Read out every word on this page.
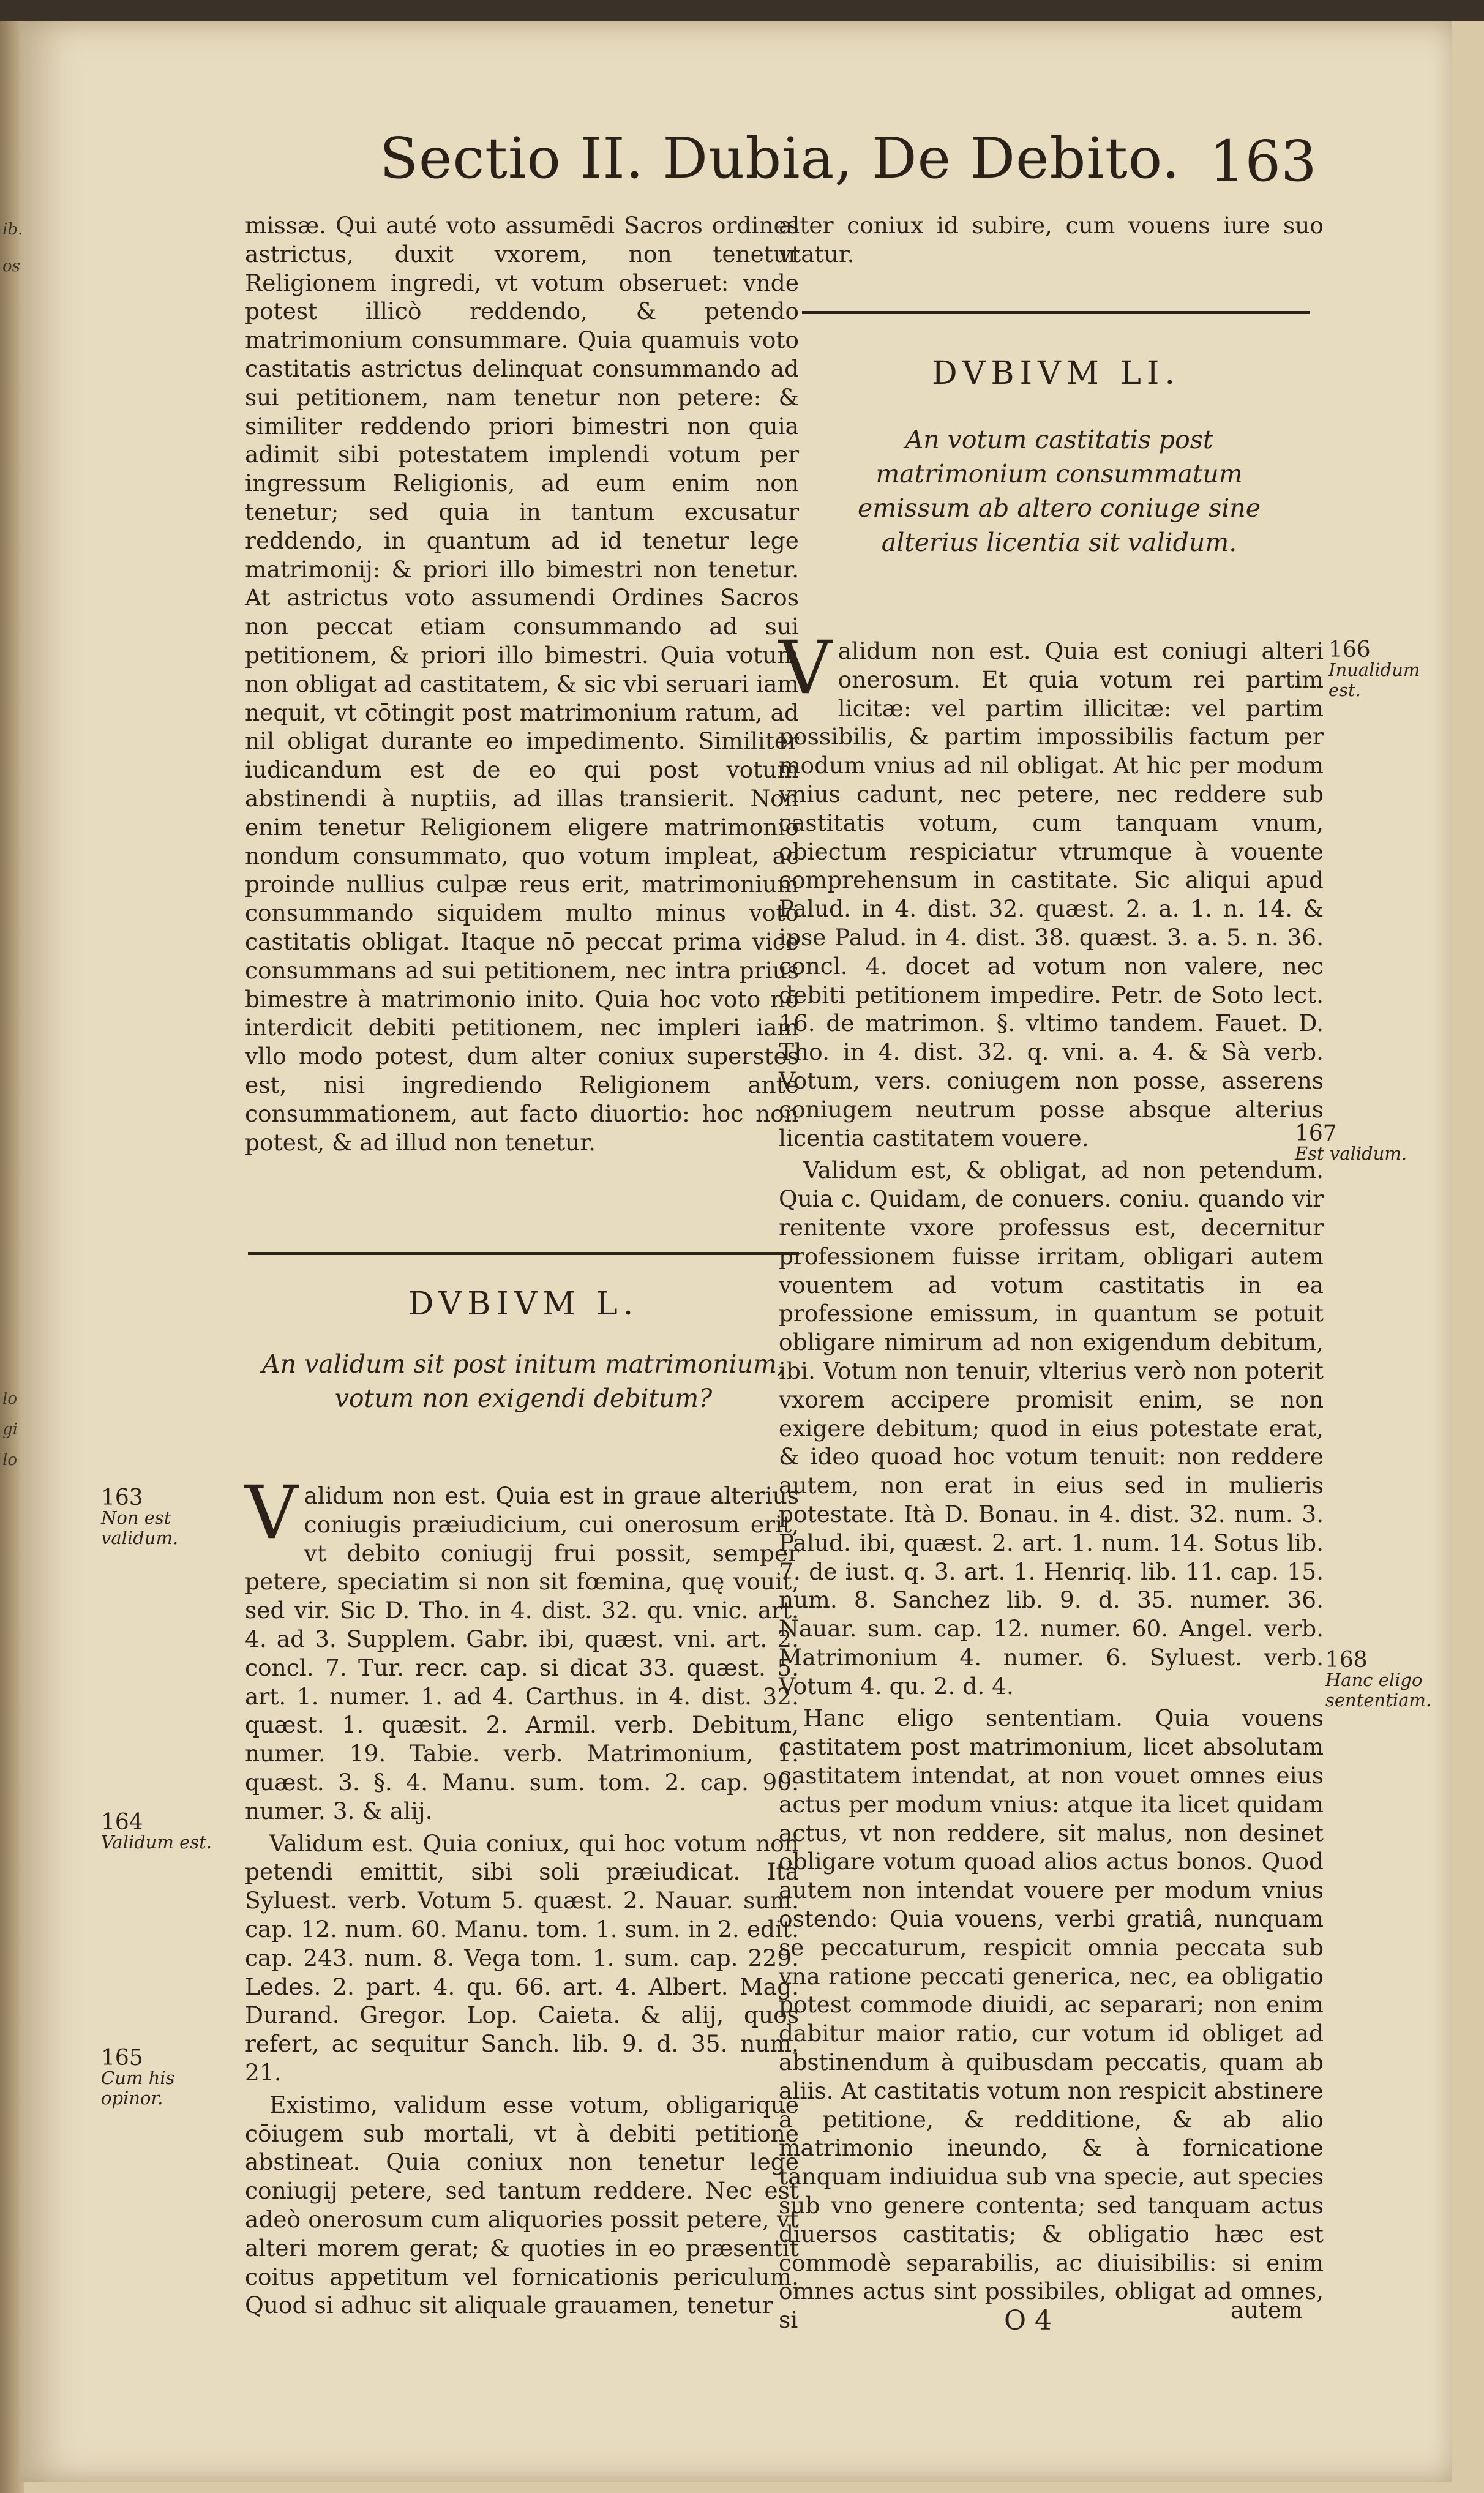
ib.
os
lo
gi
lo
Sectio II. Dubia, De Debito. 163

missæ. Qui auté voto assumēdi Sacros ordines astrictus, duxit vxorem, non tenetur Religionem ingredi, vt votum obseruet: vnde potest illicò reddendo, & petendo matrimonium consummare. Quia quamuis voto castitatis astrictus delinquat consummando ad sui petitionem, nam tenetur non petere: & similiter reddendo priori bimestri non quia adimit sibi potestatem implendi votum per ingressum Religionis, ad eum enim non tenetur; sed quia in tantum excusatur reddendo, in quantum ad id tenetur lege matrimonij: & priori illo bimestri non tenetur. At astrictus voto assumendi Ordines Sacros non peccat etiam consummando ad sui petitionem, & priori illo bimestri. Quia votum non obligat ad castitatem, & sic vbi seruari iam nequit, vt cōtingit post matrimonium ratum, ad nil obligat durante eo impedimento. Similiter iudicandum est de eo qui post votum abstinendi à nuptiis, ad illas transierit. Non enim tenetur Religionem eligere matrimonio nondum consummato, quo votum impleat, ac proinde nullius culpæ reus erit, matrimonium consummando siquidem multo minus voto castitatis obligat. Itaque nō peccat prima vice consummans ad sui petitionem, nec intra prius bimestre à matrimonio inito. Quia hoc voto nō interdicit debiti petitionem, nec impleri iam vllo modo potest, dum alter coniux superstes est, nisi ingrediendo Religionem ante consummationem, aut facto diuortio: hoc non potest, & ad illud non tenetur.

DVBIVM L.
An validum sit post initum matrimonium, votum non exigendi debitum?

Validum non est. Quia est in graue alterius coniugis præiudicium, cui onerosum erit, vt debito coniugij frui possit, semper petere, speciatim si non sit fœmina, quę vouit, sed vir. Sic D. Tho. in 4. dist. 32. qu. vnic. art. 4. ad 3. Supplem. Gabr. ibi, quæst. vni. art. 2. concl. 7. Tur. recr. cap. si dicat 33. quæst. 5. art. 1. numer. 1. ad 4. Carthus. in 4. dist. 32. quæst. 1. quæsit. 2. Armil. verb. Debitum, numer. 19. Tabie. verb. Matrimonium, 1. quæst. 3. §. 4. Manu. sum. tom. 2. cap. 90. numer. 3. & alij.

Validum est. Quia coniux, qui hoc votum non petendi emittit, sibi soli præiudicat. Ità Syluest. verb. Votum 5. quæst. 2. Nauar. sum. cap. 12. num. 60. Manu. tom. 1. sum. in 2. edit. cap. 243. num. 8. Vega tom. 1. sum. cap. 229. Ledes. 2. part. 4. qu. 66. art. 4. Albert. Mag. Durand. Gregor. Lop. Caieta. & alij, quos refert, ac sequitur Sanch. lib. 9. d. 35. num. 21.

Existimo, validum esse votum, obligarique cōiugem sub mortali, vt à debiti petitione abstineat. Quia coniux non tenetur lege coniugij petere, sed tantum reddere. Nec est adeò onerosum cum aliquories possit petere, vt alteri morem gerat; & quoties in eo præsentit coitus appetitum vel fornicationis periculum. Quod si adhuc sit aliquale grauamen, tenetur

163
Non est validum.
164
Validum est.
165
Cum his opinor.

alter coniux id subire, cum vouens iure suo vtatur.

DVBIVM LI.
An votum castitatis post matrimonium consummatum emissum ab altero coniuge sine alterius licentia sit validum.

Validum non est. Quia est coniugi alteri onerosum. Et quia votum rei partim licitæ: vel partim illicitæ: vel partim possibilis, & partim impossibilis factum per modum vnius ad nil obligat. At hic per modum vnius cadunt, nec petere, nec reddere sub castitatis votum, cum tanquam vnum, obiectum respiciatur vtrumque à vouente comprehensum in castitate. Sic aliqui apud Palud. in 4. dist. 32. quæst. 2. a. 1. n. 14. & ipse Palud. in 4. dist. 38. quæst. 3. a. 5. n. 36. concl. 4. docet ad votum non valere, nec debiti petitionem impedire. Petr. de Soto lect. 16. de matrimon. §. vltimo tandem. Fauet. D. Tho. in 4. dist. 32. q. vni. a. 4. & Sà verb. Votum, vers. coniugem non posse, asserens coniugem neutrum posse absque alterius licentia castitatem vouere.

Validum est, & obligat, ad non petendum. Quia c. Quidam, de conuers. coniu. quando vir renitente vxore professus est, decernitur professionem fuisse irritam, obligari autem vouentem ad votum castitatis in ea professione emissum, in quantum se potuit obligare nimirum ad non exigendum debitum, ibi. Votum non tenuir, vlterius verò non poterit vxorem accipere promisit enim, se non exigere debitum; quod in eius potestate erat, & ideo quoad hoc votum tenuit: non reddere autem, non erat in eius sed in mulieris potestate. Ità D. Bonau. in 4. dist. 32. num. 3. Palud. ibi, quæst. 2. art. 1. num. 14. Sotus lib. 7. de iust. q. 3. art. 1. Henriq. lib. 11. cap. 15. num. 8. Sanchez lib. 9. d. 35. numer. 36. Nauar. sum. cap. 12. numer. 60. Angel. verb. Matrimonium 4. numer. 6. Syluest. verb. Votum 4. qu. 2. d. 4.

Hanc eligo sententiam. Quia vouens castitatem post matrimonium, licet absolutam castitatem intendat, at non vouet omnes eius actus per modum vnius: atque ita licet quidam actus, vt non reddere, sit malus, non desinet obligare votum quoad alios actus bonos. Quod autem non intendat vouere per modum vnius ostendo: Quia vouens, verbi gratiâ, nunquam se peccaturum, respicit omnia peccata sub vna ratione peccati generica, nec, ea obligatio potest commode diuidi, ac separari; non enim dabitur maior ratio, cur votum id obliget ad abstinendum à quibusdam peccatis, quam ab aliis. At castitatis votum non respicit abstinere à petitione, & redditione, & ab alio matrimonio ineundo, & à fornicatione tanquam indiuidua sub vna specie, aut species sub vno genere contenta; sed tanquam actus diuersos castitatis; & obligatio hæc est commodè separabilis, ac diuisibilis: si enim omnes actus sint possibiles, obligat ad omnes, si

166
Inualidum est.
167
Est validum.
168
Hanc eligo sententiam.
O 4	autem
